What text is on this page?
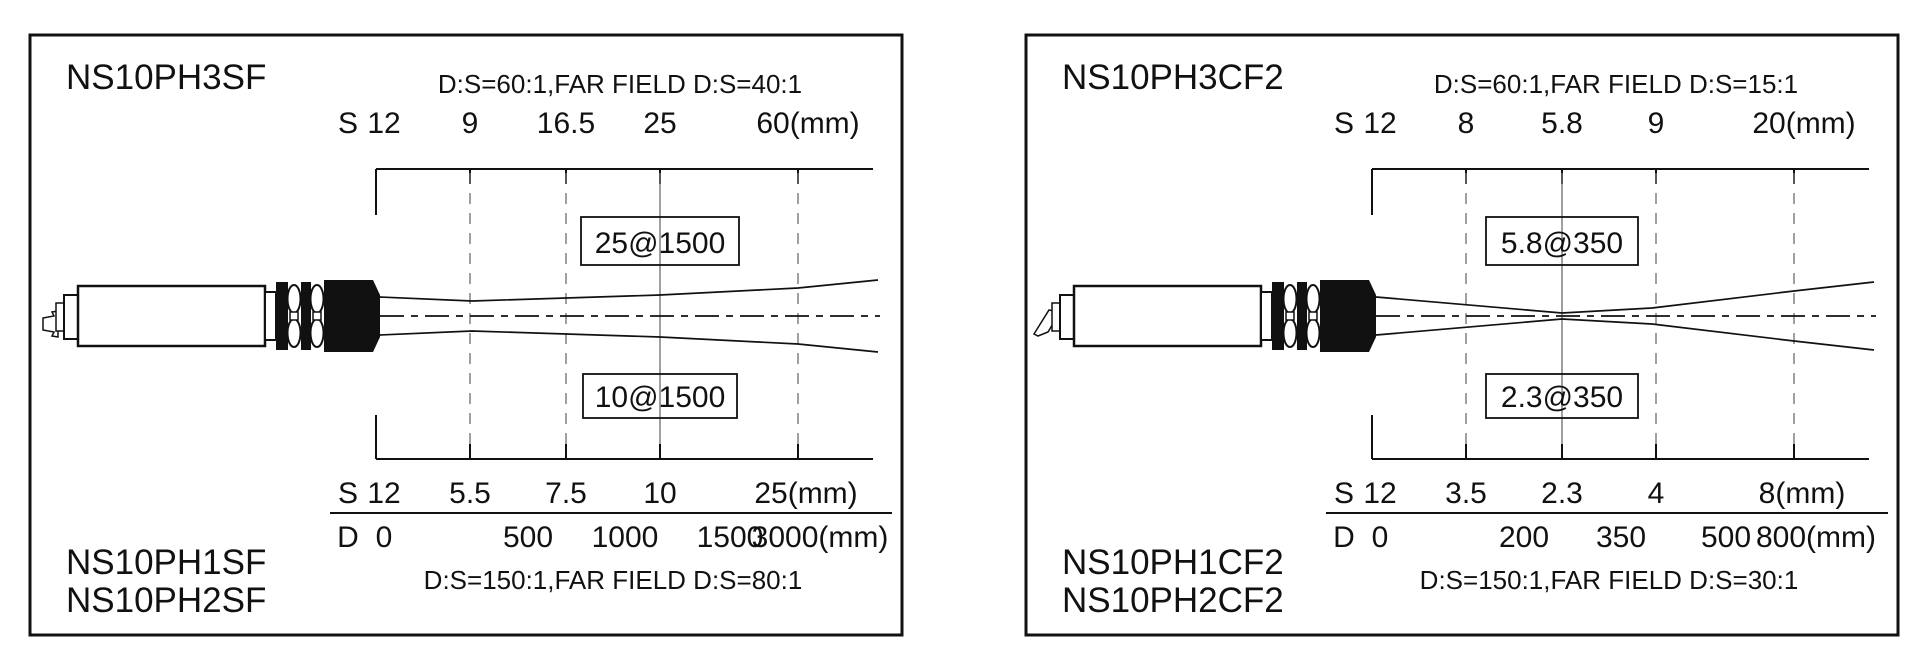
NS10PH3SF	D:S=60:1,FAR FIELD D:S=40:1
S 12 9 16.5 25	60(mm)
25@1500
10@1500
S 12 5.5 7.5 10	25(mm)
D 0	500 1000 1500
3000(mm)
D:S=150:1,FAR FIELD D:S=80:1
NS10PH1SF
NS10PH2SF
NS10PH3CF2	D:S=60:1,FAR FIELD D:S=15:1
S 12 8 5.8 9	20(mm)
5.8@350
2.3@350
S 12 3.5 2.3 4	8(mm)
D 0	200 350 500 800(mm)
D:S=150:1,FAR FIELD D:S=30:1
NS10PH1CF2
NS10PH2CF2
